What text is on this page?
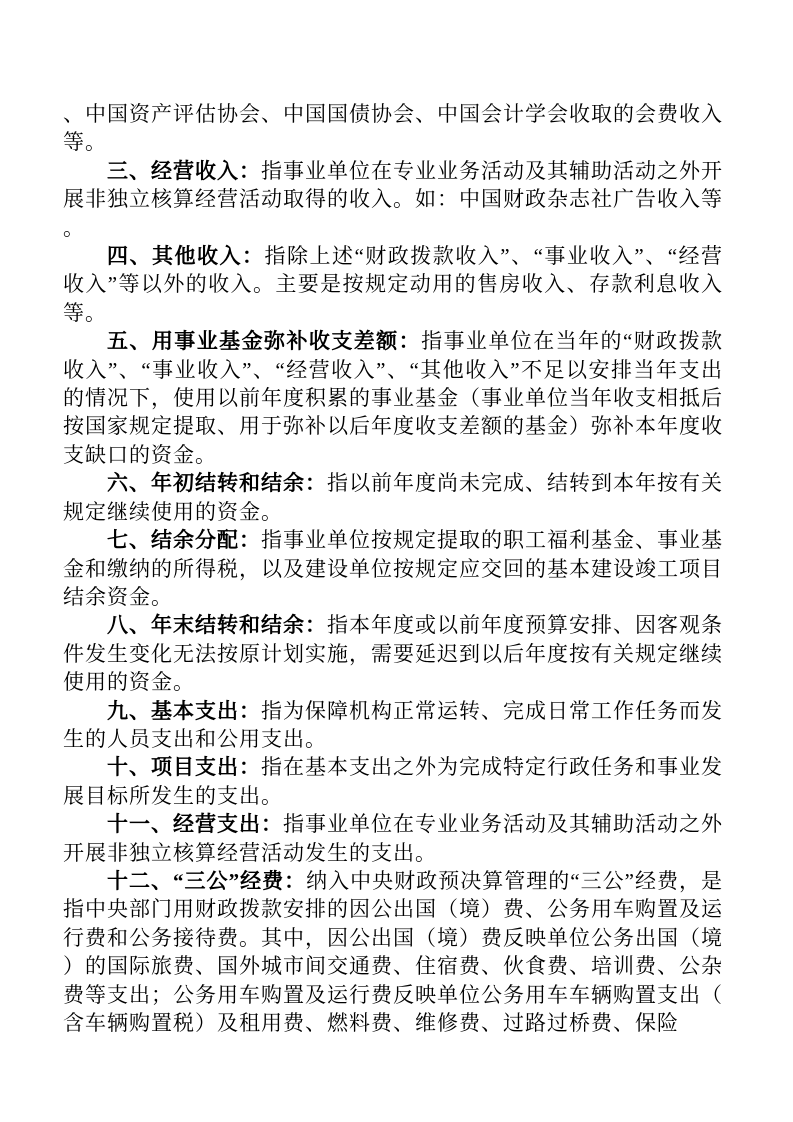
、中国资产评估协会、中国国债协会、中国会计学会收取的会费收入等。

三、经营收入：指事业单位在专业业务活动及其辅助活动之外开展非独立核算经营活动取得的收入。如：中国财政杂志社广告收入等。

四、其他收入：指除上述“财政拨款收入”、“事业收入”、“经营收入”等以外的收入。主要是按规定动用的售房收入、存款利息收入等。

五、用事业基金弥补收支差额：指事业单位在当年的“财政拨款收入”、“事业收入”、“经营收入”、“其他收入”不足以安排当年支出的情况下，使用以前年度积累的事业基金（事业单位当年收支相抵后按国家规定提取、用于弥补以后年度收支差额的基金）弥补本年度收支缺口的资金。

六、年初结转和结余：指以前年度尚未完成、结转到本年按有关规定继续使用的资金。

七、结余分配：指事业单位按规定提取的职工福利基金、事业基金和缴纳的所得税，以及建设单位按规定应交回的基本建设竣工项目结余资金。

八、年末结转和结余：指本年度或以前年度预算安排、因客观条件发生变化无法按原计划实施，需要延迟到以后年度按有关规定继续使用的资金。

九、基本支出：指为保障机构正常运转、完成日常工作任务而发生的人员支出和公用支出。

十、项目支出：指在基本支出之外为完成特定行政任务和事业发展目标所发生的支出。

十一、经营支出：指事业单位在专业业务活动及其辅助活动之外开展非独立核算经营活动发生的支出。

十二、“三公”经费：纳入中央财政预决算管理的“三公”经费，是指中央部门用财政拨款安排的因公出国（境）费、公务用车购置及运行费和公务接待费。其中，因公出国（境）费反映单位公务出国（境）的国际旅费、国外城市间交通费、住宿费、伙食费、培训费、公杂费等支出；公务用车购置及运行费反映单位公务用车车辆购置支出（含车辆购置税）及租用费、燃料费、维修费、过路过桥费、保险
